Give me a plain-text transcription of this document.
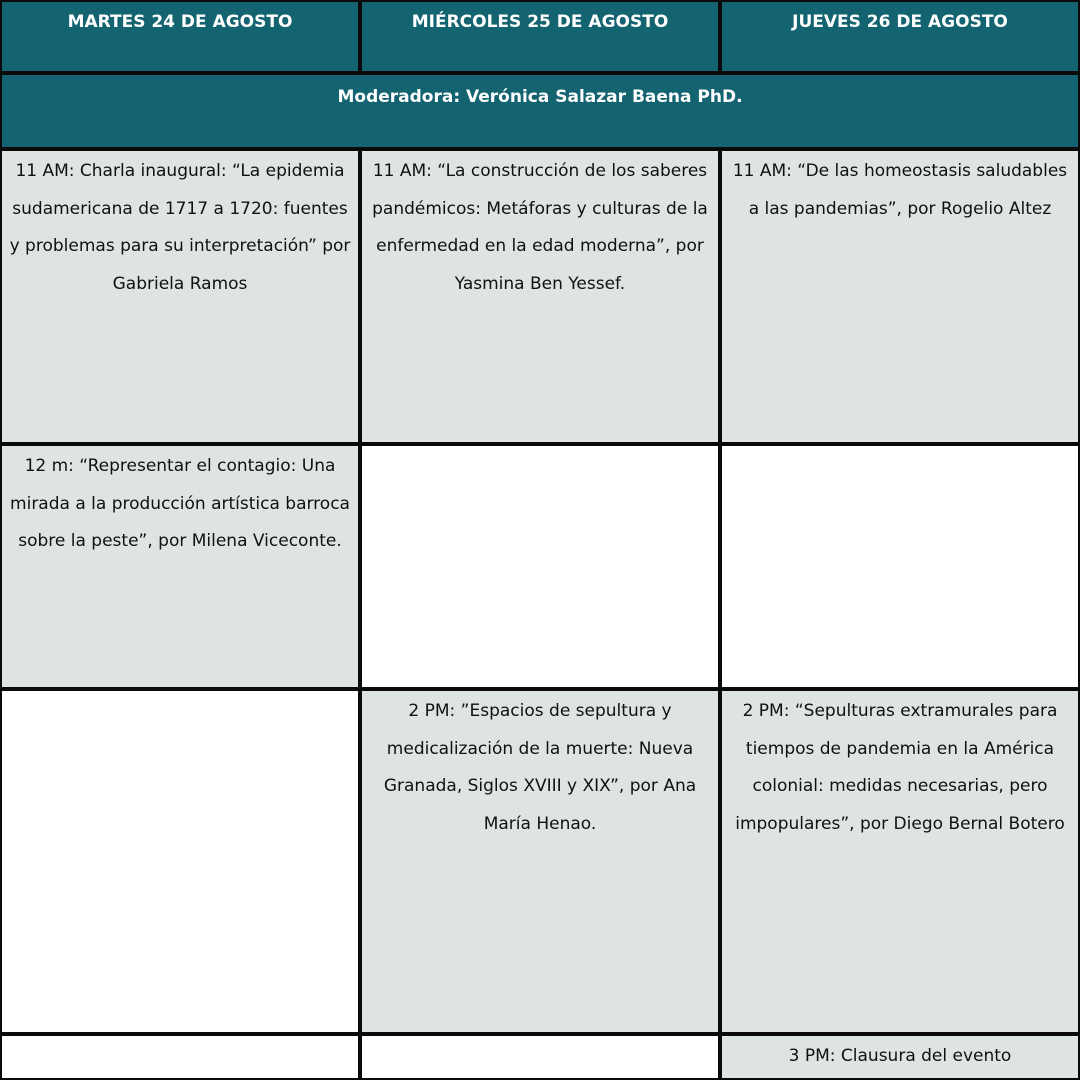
MARTES 24 DE AGOSTO	MIÉRCOLES 25 DE AGOSTO	JUEVES 26 DE AGOSTO
Moderadora: Verónica Salazar Baena PhD.
11 AM: Charla inaugural: “La epidemia sudamericana de 1717 a 1720: fuentes y problemas para su interpretación” por Gabriela Ramos
11 AM: “La construcción de los saberes pandémicos: Metáforas y culturas de la enfermedad en la edad moderna”, por Yasmina Ben Yessef.
11 AM: “De las homeostasis saludables a las pandemias”, por Rogelio Altez
12 m: “Representar el contagio: Una mirada a la producción artística barroca sobre la peste”, por Milena Viceconte.
2 PM: ”Espacios de sepultura y medicalización de la muerte: Nueva Granada, Siglos XVIII y XIX”, por Ana María Henao.
2 PM: “Sepulturas extramurales para tiempos de pandemia en la América colonial: medidas necesarias, pero impopulares”, por Diego Bernal Botero
3 PM: Clausura del evento
